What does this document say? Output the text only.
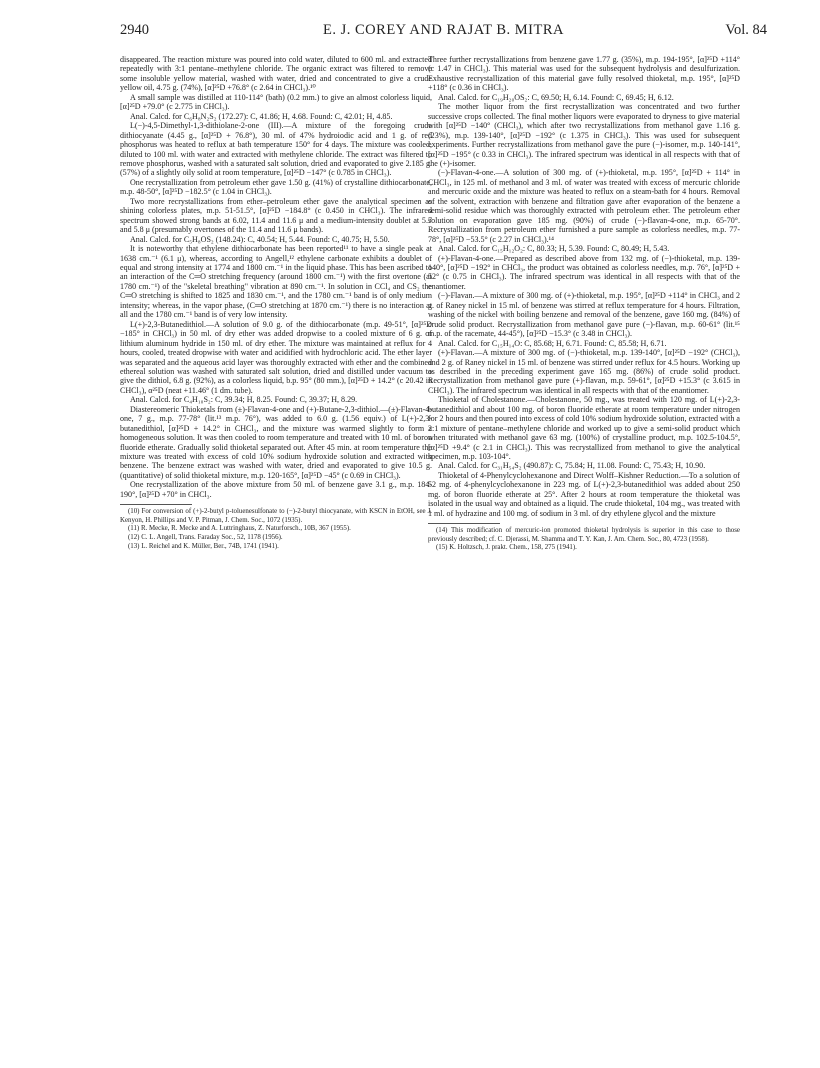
2940	E. J. COREY AND RAJAT B. MITRA	Vol. 84

disappeared. The reaction mixture was poured into cold water, diluted to 600 ml. and extracted repeatedly with 3:1 pentane–methylene chloride. The organic extract was filtered to remove some insoluble yellow material, washed with water, dried and concentrated to give a crude yellow oil, 4.75 g. (74%), [α]²⁵D +76.8° (c 2.64 in CHCl₃).¹⁰

A small sample was distilled at 110-114° (bath) (0.2 mm.) to give an almost colorless liquid, [α]²⁵D +79.0° (c 2.775 in CHCl₃).

Anal. Calcd. for C₆H₈N₂S₂ (172.27): C, 41.86; H, 4.68. Found: C, 42.01; H, 4.85.

L(−)-4,5-Dimethyl-1,3-dithiolane-2-one (III).—A mixture of the foregoing crude dithiocyanate (4.45 g., [α]²⁵D + 76.8°), 30 ml. of 47% hydroiodic acid and 1 g. of red phosphorus was heated to reflux at bath temperature 150° for 4 days. The mixture was cooled, diluted to 100 ml. with water and extracted with methylene chloride. The extract was filtered to remove phosphorus, washed with a saturated salt solution, dried and evaporated to give 2.185 g. (57%) of a slightly oily solid at room temperature, [α]²⁵D −147° (c 0.785 in CHCl₃).

One recrystallization from petroleum ether gave 1.50 g. (41%) of crystalline dithiocarbonate, m.p. 48-50°, [α]²⁵D −182.5° (c 1.04 in CHCl₃).

Two more recrystallizations from ether–petroleum ether gave the analytical specimen as shining colorless plates, m.p. 51-51.5°, [α]²⁵D −184.8° (c 0.450 in CHCl₃). The infrared spectrum showed strong bands at 6.02, 11.4 and 11.6 μ and a medium-intensity doublet at 5.7 and 5.8 μ (presumably overtones of the 11.4 and 11.6 μ bands).

Anal. Calcd. for C₅H₈OS₂ (148.24): C, 40.54; H, 5.44. Found: C, 40.75; H, 5.50.

It is noteworthy that ethylene dithiocarbonate has been reported¹¹ to have a single peak at 1638 cm.⁻¹ (6.1 μ), whereas, according to Angell,¹² ethylene carbonate exhibits a doublet of equal and strong intensity at 1774 and 1800 cm.⁻¹ in the liquid phase. This has been ascribed to an interaction of the C═O stretching frequency (around 1800 cm.⁻¹) with the first overtone (at 1780 cm.⁻¹) of the "skeletal breathing" vibration at 890 cm.⁻¹. In solution in CCl₄ and CS₂ the C═O stretching is shifted to 1825 and 1830 cm.⁻¹, and the 1780 cm.⁻¹ band is of only medium intensity; whereas, in the vapor phase, (C═O stretching at 1870 cm.⁻¹) there is no interaction at all and the 1780 cm.⁻¹ band is of very low intensity.

L(+)-2,3-Butanedithiol.—A solution of 9.0 g. of the dithiocarbonate (m.p. 49-51°, [α]²⁵D −185° in CHCl₃) in 50 ml. of dry ether was added dropwise to a cooled mixture of 6 g. of lithium aluminum hydride in 150 ml. of dry ether. The mixture was maintained at reflux for 4 hours, cooled, treated dropwise with water and acidified with hydrochloric acid. The ether layer was separated and the aqueous acid layer was thoroughly extracted with ether and the combined ethereal solution was washed with saturated salt solution, dried and distilled under vacuum to give the dithiol, 6.8 g. (92%), as a colorless liquid, b.p. 95° (80 mm.), [α]²⁵D + 14.2° (c 20.42 in CHCl₃), α²⁵D (neat +11.46° (1 dm. tube).

Anal. Calcd. for C₄H₁₀S₂: C, 39.34; H, 8.25. Found: C, 39.37; H, 8.29.

Diastereomeric Thioketals from (±)-Flavan-4-one and (+)-Butane-2,3-dithiol.—(±)-Flavan-4-one, 7 g., m.p. 77-78° (lit.¹³ m.p. 76°), was added to 6.0 g. (1.56 equiv.) of L(+)-2,3-butanedithiol, [α]²⁵D + 14.2° in CHCl₃, and the mixture was warmed slightly to form a homogeneous solution. It was then cooled to room temperature and treated with 10 ml. of boron fluoride etherate. Gradually solid thioketal separated out. After 45 min. at room temperature the mixture was treated with excess of cold 10% sodium hydroxide solution and extracted with benzene. The benzene extract was washed with water, dried and evaporated to give 10.5 g. (quantitative) of solid thioketal mixture, m.p. 120-165°, [α]²⁵D −45° (c 0.69 in CHCl₃).

One recrystallization of the above mixture from 50 ml. of benzene gave 3.1 g., m.p. 184-190°, [α]²⁵D +70° in CHCl₃.

(10) For conversion of (+)-2-butyl p-toluenesulfonate to (−)-2-butyl thiocyanate, with KSCN in EtOH, see J. Kenyon, H. Phillips and V. P. Pitman, J. Chem. Soc., 1072 (1935).

(11) R. Mecke, R. Mecke and A. Luttringhaus, Z. Naturforsch., 10B, 367 (1955).

(12) C. L. Angell, Trans. Faraday Soc., 52, 1178 (1956).

(13) L. Reichel and K. Müller, Ber., 74B, 1741 (1941).

Three further recrystallizations from benzene gave 1.77 g. (35%), m.p. 194-195°, [α]²⁵D +114° (c 1.47 in CHCl₃). This material was used for the subsequent hydrolysis and desulfurization. Exhaustive recrystallization of this material gave fully resolved thioketal, m.p. 195°, [α]²⁵D +118° (c 0.36 in CHCl₃).

Anal. Calcd. for C₁₉H₂₀OS₂: C, 69.50; H, 6.14. Found: C, 69.45; H, 6.12.

The mother liquor from the first recrystallization was concentrated and two further successive crops collected. The final mother liquors were evaporated to dryness to give material with [α]²⁵D −140° (CHCl₃), which after two recrystallizations from methanol gave 1.16 g. (23%), m.p. 139-140°, [α]²⁵D −192° (c 1.375 in CHCl₃). This was used for subsequent experiments. Further recrystallizations from methanol gave the pure (−)-isomer, m.p. 140-141°, [α]²⁵D −195° (c 0.33 in CHCl₃). The infrared spectrum was identical in all respects with that of the (+)-isomer.

(−)-Flavan-4-one.—A solution of 300 mg. of (+)-thioketal, m.p. 195°, [α]²⁵D + 114° in CHCl₃, in 125 ml. of methanol and 3 ml. of water was treated with excess of mercuric chloride and mercuric oxide and the mixture was heated to reflux on a steam-bath for 4 hours. Removal of the solvent, extraction with benzene and filtration gave after evaporation of the benzene a semi-solid residue which was thoroughly extracted with petroleum ether. The petroleum ether solution on evaporation gave 185 mg. (90%) of crude (−)-flavan-4-one, m.p. 65-70°. Recrystallization from petroleum ether furnished a pure sample as colorless needles, m.p. 77-78°, [α]²⁵D −53.5° (c 2.27 in CHCl₃).¹⁴

Anal. Calcd. for C₁₅H₁₂O₂: C, 80.33; H, 5.39. Found: C, 80.49; H, 5.43.

(+)-Flavan-4-one.—Prepared as described above from 132 mg. of (−)-thioketal, m.p. 139-140°, [α]²⁵D −192° in CHCl₃, the product was obtained as colorless needles, m.p. 76°, [α]²⁵D + 52° (c 0.75 in CHCl₃). The infrared spectrum was identical in all respects with that of the enantiomer.

(−)-Flavan.—A mixture of 300 mg. of (+)-thioketal, m.p. 195°, [α]²⁵D +114° in CHCl₃ and 2 g. of Raney nickel in 15 ml. of benzene was stirred at reflux temperature for 4 hours. Filtration, washing of the nickel with boiling benzene and removal of the benzene, gave 160 mg. (84%) of crude solid product. Recrystallization from methanol gave pure (−)-flavan, m.p. 60-61° (lit.¹⁵ m.p. of the racemate, 44-45°), [α]²⁵D −15.3° (c 3.48 in CHCl₃).

Anal. Calcd. for C₁₅H₁₄O: C, 85.68; H, 6.71. Found: C, 85.58; H, 6.71.

(+)-Flavan.—A mixture of 300 mg. of (−)-thioketal, m.p. 139-140°, [α]²⁵D −192° (CHCl₃), and 2 g. of Raney nickel in 15 ml. of benzene was stirred under reflux for 4.5 hours. Working up as described in the preceding experiment gave 165 mg. (86%) of crude solid product. Recrystallization from methanol gave pure (+)-flavan, m.p. 59-61°, [α]²⁵D +15.3° (c 3.615 in CHCl₃). The infrared spectrum was identical in all respects with that of the enantiomer.

Thioketal of Cholestanone.—Cholestanone, 50 mg., was treated with 120 mg. of L(+)-2,3-butanedithiol and about 100 mg. of boron fluoride etherate at room temperature under nitrogen for 2 hours and then poured into excess of cold 10% sodium hydroxide solution, extracted with a 2:1 mixture of pentane–methylene chloride and worked up to give a semi-solid product which when triturated with methanol gave 63 mg. (100%) of crystalline product, m.p. 102.5-104.5°, [α]²⁵D +9.4° (c 2.1 in CHCl₃). This was recrystallized from methanol to give the analytical specimen, m.p. 103-104°.

Anal. Calcd. for C₃₁H₅₄S₂ (490.87): C, 75.84; H, 11.08. Found: C, 75.43; H, 10.90.

Thioketal of 4-Phenylcyclohexanone and Direct Wolff–Kishner Reduction.—To a solution of 52 mg. of 4-phenylcyclohexanone in 223 mg. of L(+)-2,3-butanedithiol was added about 250 mg. of boron fluoride etherate at 25°. After 2 hours at room temperature the thioketal was isolated in the usual way and obtained as a liquid. The crude thioketal, 104 mg., was treated with 1 ml. of hydrazine and 100 mg. of sodium in 3 ml. of dry ethylene glycol and the mixture

(14) This modification of mercuric-ion promoted thioketal hydrolysis is superior in this case to those previously described; cf. C. Djerassi, M. Shamma and T. Y. Kan, J. Am. Chem. Soc., 80, 4723 (1958).

(15) K. Holtzsch, J. prakt. Chem., 158, 275 (1941).
